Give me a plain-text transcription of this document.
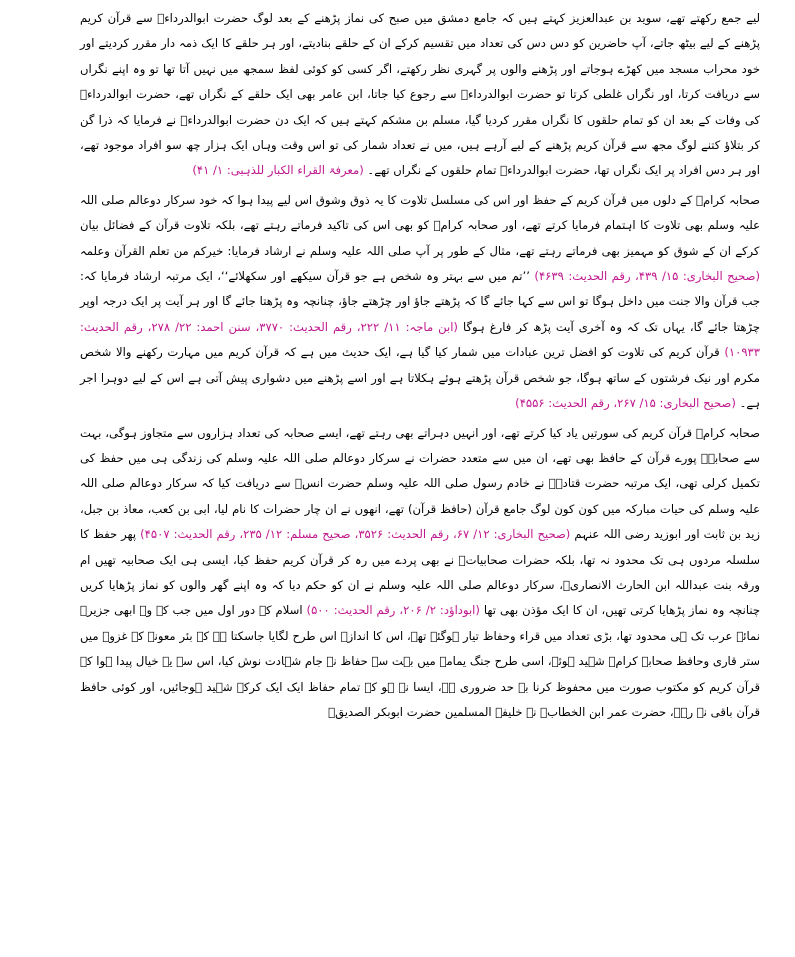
لیے جمع رکھتے تھے، سوید بن عبدالعزیز کہتے ہیں کہ جامع دمشق میں صبح کی نماز پڑھنے کے بعد لوگ حضرت ابوالدرداءؓ سے قرآن کریم پڑھنے کے لیے بیٹھ جاتے، آپ حاضرین کو دس دس کی تعداد میں تقسیم کرکے ان کے حلقے بنادیتے، اور ہر حلقے کا ایک ذمہ دار مقرر کردیتے اور خود محراب مسجد میں کھڑے ہوجاتے اور پڑھنے والوں پر گہری نظر رکھتے، اگر کسی کو کوئی لفظ سمجھ میں نہیں آتا تھا تو وہ اپنے نگراں سے دریافت کرتا، اور نگراں غلطی کرتا تو حضرت ابوالدرداءؓ سے رجوع کیا جاتا، ابن عامر بھی ایک حلقے کے نگراں تھے، حضرت ابوالدرداءؓ کی وفات کے بعد ان کو تمام حلقوں کا نگراں مقرر کردیا گیا، مسلم بن مشکم کہتے ہیں کہ ایک دن حضرت ابوالدرداءؓ نے فرمایا کہ ذرا گن کر بتلاؤ کتنے لوگ مجھ سے قرآن کریم پڑھنے کے لیے آرہے ہیں، میں نے تعداد شمار کی تو اس وقت وہاں ایک ہزار چھ سو افراد موجود تھے، اور ہر دس افراد پر ایک نگراں تھا، حضرت ابوالدرداءؓ تمام حلقوں کے نگراں تھے۔ (معرفۃ القراء الکبار للذہبی: ۱/ ۴۱)

صحابہ کرامؓ کے دلوں میں قرآن کریم کے حفظ اور اس کی مسلسل تلاوت کا یہ ذوق وشوق اس لیے پیدا ہوا کہ خود سرکار دوعالم صلی اللہ علیہ وسلم بھی تلاوت کا اہتمام فرمایا کرتے تھے، اور صحابہ کرامؓ کو بھی اس کی تاکید فرماتے رہتے تھے، بلکہ تلاوت قرآن کے فضائل بیان کرکے ان کے شوق کو مہمیز بھی فرماتے رہتے تھے، مثال کے طور پر آپ صلی اللہ علیہ وسلم نے ارشاد فرمایا: خیرکم من تعلم القرآن وعلمہ (صحیح البخاری: ۱۵/ ۴۳۹، رقم الحدیث: ۴۶۳۹) ’’تم میں سے بہتر وہ شخص ہے جو قرآن سیکھے اور سکھلائے‘‘، ایک مرتبہ ارشاد فرمایا کہ: جب قرآن والا جنت میں داخل ہوگا تو اس سے کہا جائے گا کہ پڑھتے جاؤ اور چڑھتے جاؤ، چنانچہ وہ پڑھتا جائے گا اور ہر آیت پر ایک درجہ اوپر چڑھتا جائے گا، یہاں تک کہ وہ آخری آیت پڑھ کر فارغ ہوگا (ابن ماجہ: ۱۱/ ۲۲۲، رقم الحدیث: ۳۷۷۰، سنن احمد: ۲۲/ ۲۷۸، رقم الحدیث: ۱۰۹۳۳) قرآن کریم کی تلاوت کو افضل ترین عبادات میں شمار کیا گیا ہے، ایک حدیث میں ہے کہ قرآن کریم میں مہارت رکھنے والا شخص مکرم اور نیک فرشتوں کے ساتھ ہوگا، جو شخص قرآن پڑھتے ہوئے ہکلاتا ہے اور اسے پڑھنے میں دشواری پیش آتی ہے اس کے لیے دوہرا اجر ہے۔ (صحیح البخاری: ۱۵/ ۲۶۷، رقم الحدیث: ۴۵۵۶)

صحابہ کرامؓ قرآن کریم کی سورتیں یاد کیا کرتے تھے، اور انہیں دہراتے بھی رہتے تھے، ایسے صحابہ کی تعداد ہزاروں سے متجاوز ہوگی، بہت سے صحابہؓ پورے قرآن کے حافظ بھی تھے، ان میں سے متعدد حضرات نے سرکار دوعالم صلی اللہ علیہ وسلم کی زندگی ہی میں حفظ کی تکمیل کرلی تھی، ایک مرتبہ حضرت قتادۃؒ نے خادم رسول صلی اللہ علیہ وسلم حضرت انسؓ سے دریافت کیا کہ سرکار دوعالم صلی اللہ علیہ وسلم کی حیات مبارکہ میں کون کون لوگ جامع قرآن (حافظ قرآن) تھے، انھوں نے ان چار حضرات کا نام لیا، ابی بن کعب، معاذ بن جبل، زید بن ثابت اور ابوزید رضی اللہ عنہم (صحیح البخاری: ۱۲/ ۶۷، رقم الحدیث: ۳۵۲۶، صحیح مسلم: ۱۲/ ۲۳۵، رقم الحدیث: ۴۵۰۷) پھر حفظ کا سلسلہ مردوں ہی تک محدود نہ تھا، بلکہ حضرات صحابیاتؓ نے بھی پردے میں رہ کر قرآن کریم حفظ کیا، ایسی ہی ایک صحابیہ تھیں ام ورقہ بنت عبداللہ ابن الحارث الانصاریؓ، سرکار دوعالم صلی اللہ علیہ وسلم نے ان کو حکم دیا کہ وہ اپنے گھر والوں کو نماز پڑھایا کریں چنانچہ وہ نماز پڑھایا کرتی تھیں، ان کا ایک مؤذن بھی تھا (ابوداؤد: ۲/ ۲۰۶، رقم الحدیث: ۵۰۰) اسلام کے دور اول میں جب کہ وہ ابھی جزیرہ نمائے عرب تک ہی محدود تھا، بڑی تعداد میں قراء وحفاظ تیار ہوگئے تھے، اس کا اندازہ اس طرح لگایا جاسکتا ہے کہ بئر معونہ کے غزوے میں ستر قاری وحافظ صحابہ کرامؓ شہید ہوئے، اسی طرح جنگ یمامہ میں بہت سے حفاظ نے جام شہادت نوش کیا، اس سے یہ خیال پیدا ہوا کہ قرآن کریم کو مکتوب صورت میں محفوظ کرنا بے حد ضروری ہے، ایسا نہ ہو کہ تمام حفاظ ایک ایک کرکے شہید ہوجائیں، اور کوئی حافظ قرآن باقی نہ رہے، حضرت عمر ابن الخطابؓ نے خلیفۃ المسلمین حضرت ابوبکر الصدیقؓ
